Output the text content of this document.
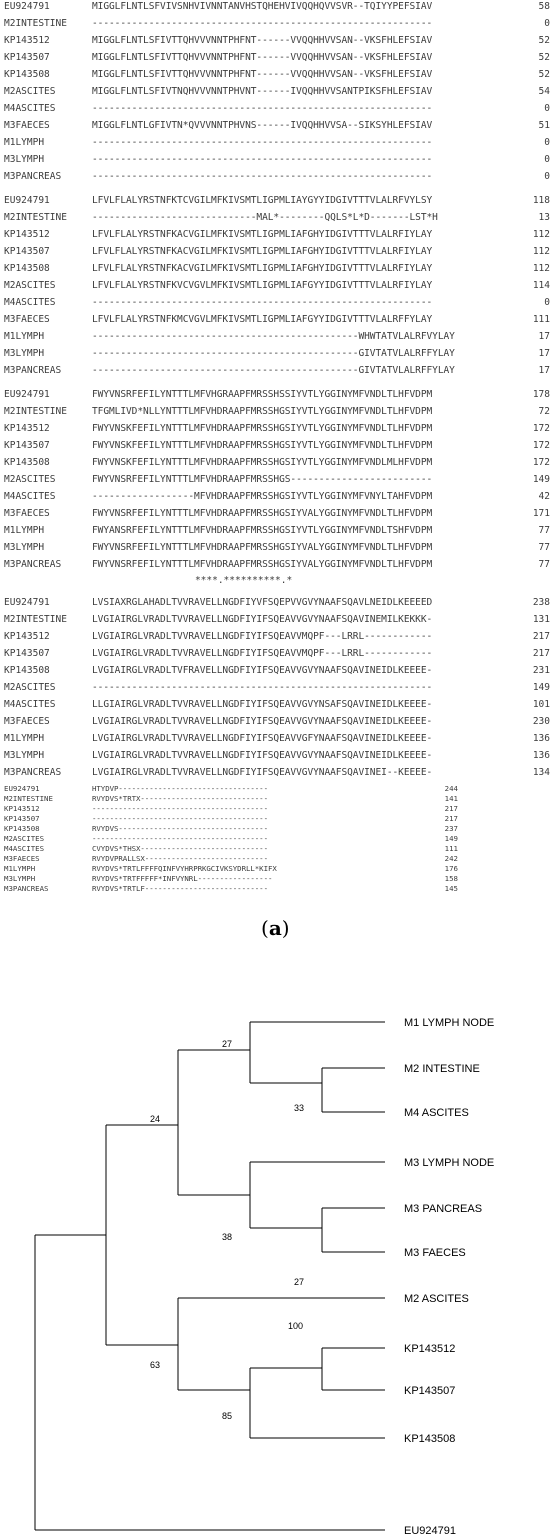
EU924791	MIGGLFLNTLSFVIVSNHVIVNNTANVHSTQHEHVIVQQHQVVSVR--TQIYYPEFSIAV	58
M2INTESTINE	------------------------------------------------------------	0
KP143512	MIGGLFLNTLSFIVTTQHVVVNNTPHFNT------VVQQHHVVSAN--VKSFHLEFSIAV	52
KP143507	MIGGLFLNTLSFIVTTQHVVVNNTPHFNT------VVQQHHVVSAN--VKSFHLEFSIAV	52
KP143508	MIGGLFLNTLSFIVTTQHVVVNNTPHFNT------VVQQHHVVSAN--VKSFHLEFSIAV	52
M2ASCITES	MIGGLFLNTLSFIVTNQHVVVNNTPHVNT------IVQQHHVVSANTPIKSFHLEFSIAV	54
M4ASCITES	------------------------------------------------------------	0
M3FAECES	MIGGLFLNTLGFIVTN*QVVVNNTPHVNS------IVQQHHVVSA--SIKSYHLEFSIAV	51
M1LYMPH	------------------------------------------------------------	0
M3LYMPH	------------------------------------------------------------	0
M3PANCREAS	------------------------------------------------------------	0
EU924791	LFVLFLALYRSTNFKTCVGILMFKIVSMTLIGPMLIAYGYYIDGIVTTTVLALRFVYLSY	118
M2INTESTINE	-----------------------------MAL*--------QQLS*L*D-------LST*H	13
KP143512	LFVLFLALYRSTNFKACVGILMFKIVSMTLIGPMLIAFGHYIDGIVTTTVLALRFIYLAY	112
KP143507	LFVLFLALYRSTNFKACVGILMFKIVSMTLIGPMLIAFGHYIDGIVTTTVLALRFIYLAY	112
KP143508	LFVLFLALYRSTNFKACVGILMFKIVSMTLIGPMLIAFGHYIDGIVTTTVLALRFIYLAY	112
M2ASCITES	LFVLFLALYRSTNFKVCVGVLMFKIVSMTLIGPMLIAFGYYIDGIVTTTVLALRFIYLAY	114
M4ASCITES	------------------------------------------------------------	0
M3FAECES	LFVLFLALYRSTNFKMCVGVLMFKIVSMTLIGPMLIAFGYYIDGIVTTTVLALRFFYLAY	111
M1LYMPH	-----------------------------------------------WHWTATVLALRFVYLAY	17
M3LYMPH	-----------------------------------------------GIVTATVLALRFFYLAY	17
M3PANCREAS	-----------------------------------------------GIVTATVLALRFFYLAY	17
EU924791	FWYVNSRFEFILYNTTTLMFVHGRAAPFMRSSHSSIYVTLYGGINYMFVNDLTLHFVDPM	178
M2INTESTINE	TFGMLIVD*NLLYNTTTLMFVHDRAAPFMRSSHGSIYVTLYGGINYMFVNDLTLHFVDPM	72
KP143512	FWYVNSKFEFILYNTTTLMFVHDRAAPFMRSSHGSIYVTLYGGINYMFVNDLTLHFVDPM	172
KP143507	FWYVNSKFEFILYNTTTLMFVHDRAAPFMRSSHGSIYVTLYGGINYMFVNDLTLHFVDPM	172
KP143508	FWYVNSKFEFILYNTTTLMFVHDRAAPFMRSSHGSIYVTLYGGINYMFVNDLMLHFVDPM	172
M2ASCITES	FWYVNSRFEFILYNTTTLMFVHDRAAPFMRSSHGS-------------------------	149
M4ASCITES	------------------MFVHDRAAPFMRSSHGSIYVTLYGGINYMFVNYLTAHFVDPM	42
M3FAECES	FWYVNSRFEFILYNTTTLMFVHDRAAPFMRSSHGSIYVALYGGINYMFVNDLTLHFVDPM	171
M1LYMPH	FWYANSRFEFILYNTTTLMFVHDRAAPFMRSSHGSIYVTLYGGINYMFVNDLTSHFVDPM	77
M3LYMPH	FWYVNSRFEFILYNTTTLMFVHDRAAPFMRSSHGSIYVALYGGINYMFVNDLTLHFVDPM	77
M3PANCREAS	FWYVNSRFEFILYNTTTLMFVHDRAAPFMRSSHGSIYVALYGGINYMFVNDLTLHFVDPM	77
****.**********.*
EU924791	LVSIAXRGLAHADLTVVRAVELLNGDFIYVFSQEPVVGVYNAAFSQAVLNEIDLKEEEED	238
M2INTESTINE	LVGIAIRGLVRADLTVVRAVELLNGDFIYIFSQEAVVGVYNAAFSQAVINEMILKEKKK-	131
KP143512	LVGIAIRGLVRADLTVVRAVELLNGDFIYIFSQEAVVMQPF---LRRL------------	217
KP143507	LVGIAIRGLVRADLTVVRAVELLNGDFIYIFSQEAVVMQPF---LRRL------------	217
KP143508	LVGIAIRGLVRADLTVFRAVELLNGDFIYIFSQEAVVGVYNAAFSQAVINEIDLKEEEE-	231
M2ASCITES	------------------------------------------------------------	149
M4ASCITES	LLGIAIRGLVRADLTVVRAVELLNGDFIYIFSQEAVVGVYNSAFSQAVINEIDLKEEEE-	101
M3FAECES	LVGIAIRGLVRADLTVVRAVELLNGDFIYIFSQEAVVGVYNAAFSQAVINEIDLKEEEE-	230
M1LYMPH	LVGIAIRGLVRADLTVVRAVELLNGDFIYIFSQEAVVGFYNAAFSQAVINEIDLKEEEE-	136
M3LYMPH	LVGIAIRGLVRADLTVVRAVELLNGDFIYIFSQEAVVGVYNAAFSQAVINEIDLKEEEE-	136
M3PANCREAS	LVGIAIRGLVRADLTVVRAVELLNGDFIYIFSQEAVVGVYNAAFSQAVINEI--KEEEE-	134
EU924791	HTYDVP----------------------------------	244
M2INTESTINE	RVYDVS*TRTX-----------------------------	141
KP143512	----------------------------------------	217
KP143507	----------------------------------------	217
KP143508	RVYDVS----------------------------------	237
M2ASCITES	----------------------------------------	149
M4ASCITES	CVYDVS*THSX-----------------------------	111
M3FAECES	RVYDVPRALLSX----------------------------	242
M1LYMPH	RVYDVS*TRTLFFFFQINFVYHRPRKGCIVKSYDRLL*KIFX	176
M3LYMPH	RVYDVS*TRTFFFFF*INFVYNRL-----------------	158
M3PANCREAS	RVYDVS*TRTLF----------------------------	145
(a)
M1 LYMPH NODE
M2 INTESTINE
M4 ASCITES
M3 LYMPH NODE
M3 PANCREAS
M3 FAECES
M2 ASCITES
KP143512
KP143507
KP143508
EU924791
27
33
24
38
27
63
100
85
